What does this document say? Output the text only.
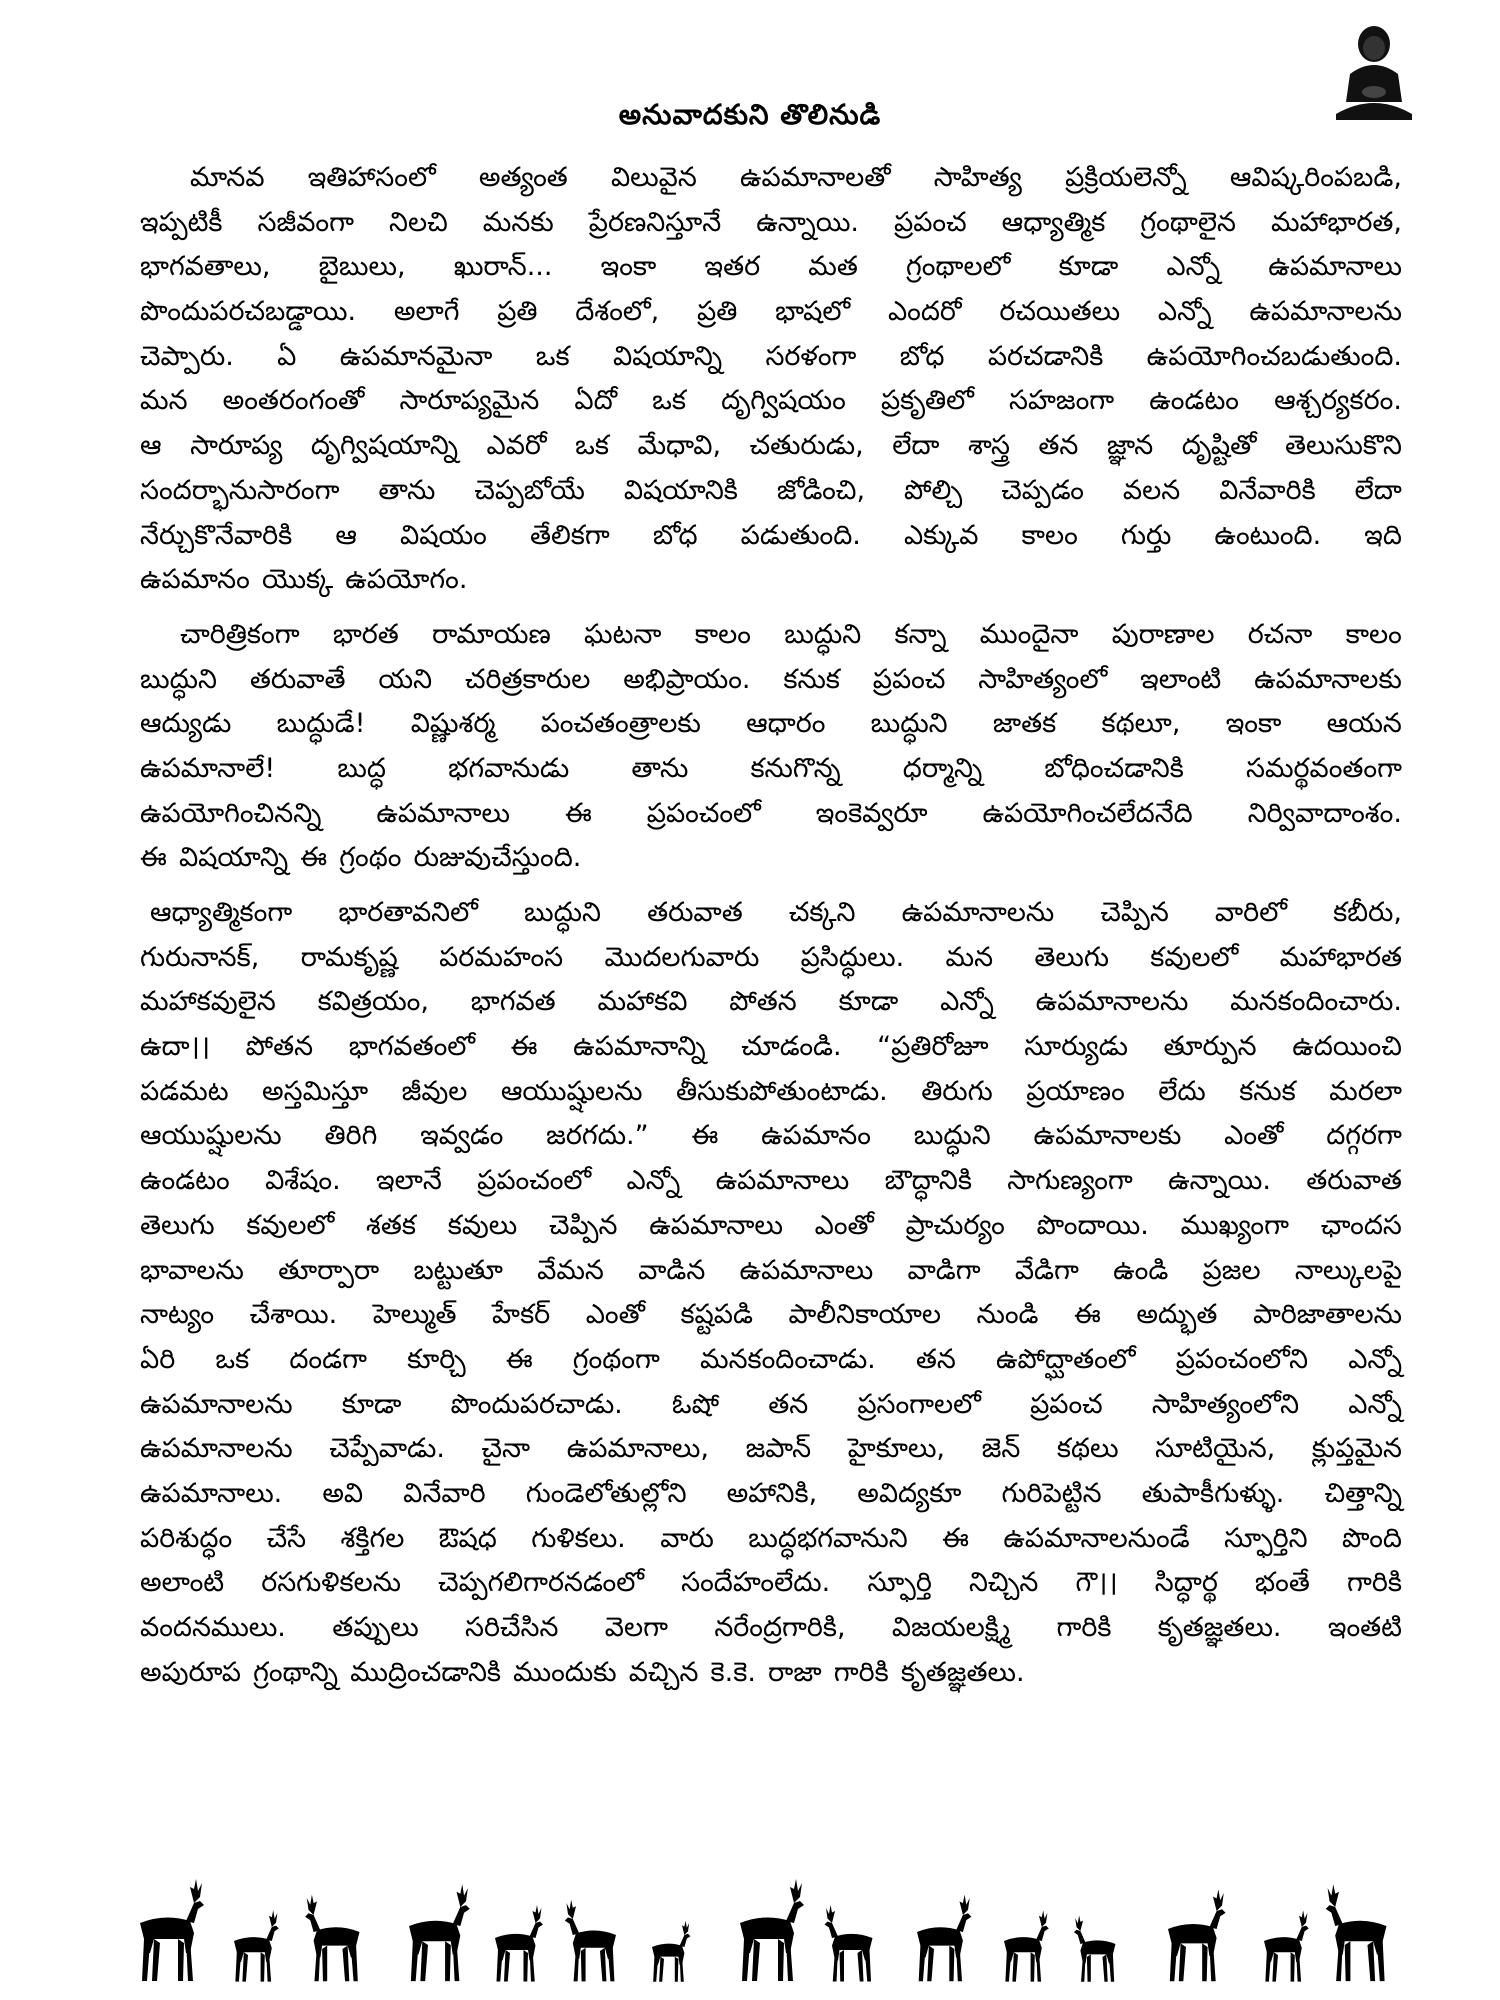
అనువాదకుని తొలినుడి
మానవ ఇతిహాసంలో అత్యంత విలువైన ఉపమానాలతో సాహిత్య ప్రక్రియలెన్నో ఆవిష్కరింపబడి,
ఇప్పటికీ సజీవంగా నిలచి మనకు ప్రేరణనిస్తూనే ఉన్నాయి. ప్రపంచ ఆధ్యాత్మిక గ్రంథాలైన మహాభారత,
భాగవతాలు, బైబులు, ఖురాన్... ఇంకా ఇతర మత గ్రంథాలలో కూడా ఎన్నో ఉపమానాలు
పొందుపరచబడ్డాయి. అలాగే ప్రతి దేశంలో, ప్రతి భాషలో ఎందరో రచయితలు ఎన్నో ఉపమానాలను
చెప్పారు. ఏ ఉపమానమైనా ఒక విషయాన్ని సరళంగా బోధ పరచడానికి ఉపయోగించబడుతుంది.
మన అంతరంగంతో సారూప్యమైన ఏదో ఒక దృగ్విషయం ప్రకృతిలో సహజంగా ఉండటం ఆశ్చర్యకరం.
ఆ సారూప్య దృగ్విషయాన్ని ఎవరో ఒక మేధావి, చతురుడు, లేదా శాస్త్ర తన జ్ఞాన దృష్టితో తెలుసుకొని
సందర్భానుసారంగా తాను చెప్పబోయే విషయానికి జోడించి, పోల్చి చెప్పడం వలన వినేవారికి లేదా
నేర్చుకొనేవారికి ఆ విషయం తేలికగా బోధ పడుతుంది. ఎక్కువ కాలం గుర్తు ఉంటుంది. ఇది
ఉపమానం యొక్క ఉపయోగం.
చారిత్రికంగా భారత రామాయణ ఘటనా కాలం బుద్ధుని కన్నా ముందైనా పురాణాల రచనా కాలం
బుద్ధుని తరువాతే యని చరిత్రకారుల అభిప్రాయం. కనుక ప్రపంచ సాహిత్యంలో ఇలాంటి ఉపమానాలకు
ఆద్యుడు బుద్ధుడే! విష్ణుశర్మ పంచతంత్రాలకు ఆధారం బుద్ధుని జాతక కథలూ, ఇంకా ఆయన
ఉపమానాలే! బుద్ధ భగవానుడు తాను కనుగొన్న ధర్మాన్ని బోధించడానికి సమర్థవంతంగా
ఉపయోగించినన్ని ఉపమానాలు ఈ ప్రపంచంలో ఇంకెవ్వరూ ఉపయోగించలేదనేది నిర్వివాదాంశం.
ఈ విషయాన్ని ఈ గ్రంథం రుజువుచేస్తుంది.
ఆధ్యాత్మికంగా భారతావనిలో బుద్ధుని తరువాత చక్కని ఉపమానాలను చెప్పిన వారిలో కబీరు,
గురునానక్, రామకృష్ణ పరమహంస మొదలగువారు ప్రసిద్ధులు. మన తెలుగు కవులలో మహాభారత
మహాకవులైన కవిత్రయం, భాగవత మహాకవి పోతన కూడా ఎన్నో ఉపమానాలను మనకందించారు.
ఉదా।। పోతన భాగవతంలో ఈ ఉపమానాన్ని చూడండి. “ప్రతిరోజూ సూర్యుడు తూర్పున ఉదయించి
పడమట అస్తమిస్తూ జీవుల ఆయుష్షులను తీసుకుపోతుంటాడు. తిరుగు ప్రయాణం లేదు కనుక మరలా
ఆయుష్షులను తిరిగి ఇవ్వడం జరగదు.” ఈ ఉపమానం బుద్ధుని ఉపమానాలకు ఎంతో దగ్గరగా
ఉండటం విశేషం. ఇలానే ప్రపంచంలో ఎన్నో ఉపమానాలు బౌద్ధానికి సాగుణ్యంగా ఉన్నాయి. తరువాత
తెలుగు కవులలో శతక కవులు చెప్పిన ఉపమానాలు ఎంతో ప్రాచుర్యం పొందాయి. ముఖ్యంగా ఛాందస
భావాలను తూర్పారా బట్టుతూ వేమన వాడిన ఉపమానాలు వాడిగా వేడిగా ఉండి ప్రజల నాల్కులపై
నాట్యం చేశాయి. హెల్ముత్ హేకర్ ఎంతో కష్టపడి పాలీనికాయాల నుండి ఈ అద్భుత పారిజాతాలను
ఏరి ఒక దండగా కూర్చి ఈ గ్రంథంగా మనకందించాడు. తన ఉపోద్ఘాతంలో ప్రపంచంలోని ఎన్నో
ఉపమానాలను కూడా పొందుపరచాడు. ఓషో తన ప్రసంగాలలో ప్రపంచ సాహిత్యంలోని ఎన్నో
ఉపమానాలను చెప్పేవాడు. చైనా ఉపమానాలు, జపాన్ హైకూలు, జెన్ కథలు సూటియైన, క్లుప్తమైన
ఉపమానాలు. అవి వినేవారి గుండెలోతుల్లోని అహానికి, అవిద్యకూ గురిపెట్టిన తుపాకీగుళ్ళు. చిత్తాన్ని
పరిశుద్ధం చేసే శక్తిగల ఔషధ గుళికలు. వారు బుద్ధభగవానుని ఈ ఉపమానాలనుండే స్ఫూర్తిని పొంది
అలాంటి రసగుళికలను చెప్పగలిగారనడంలో సందేహంలేదు. స్ఫూర్తి నిచ్చిన గౌ।। సిద్ధార్థ భంతే గారికి
వందనములు. తప్పులు సరిచేసిన వెలగా నరేంద్రగారికి, విజయలక్ష్మి గారికి కృతజ్ఞతలు. ఇంతటి
అపురూప గ్రంథాన్ని ముద్రించడానికి ముందుకు వచ్చిన కె.కె. రాజా గారికి కృతజ్ఞతలు.
